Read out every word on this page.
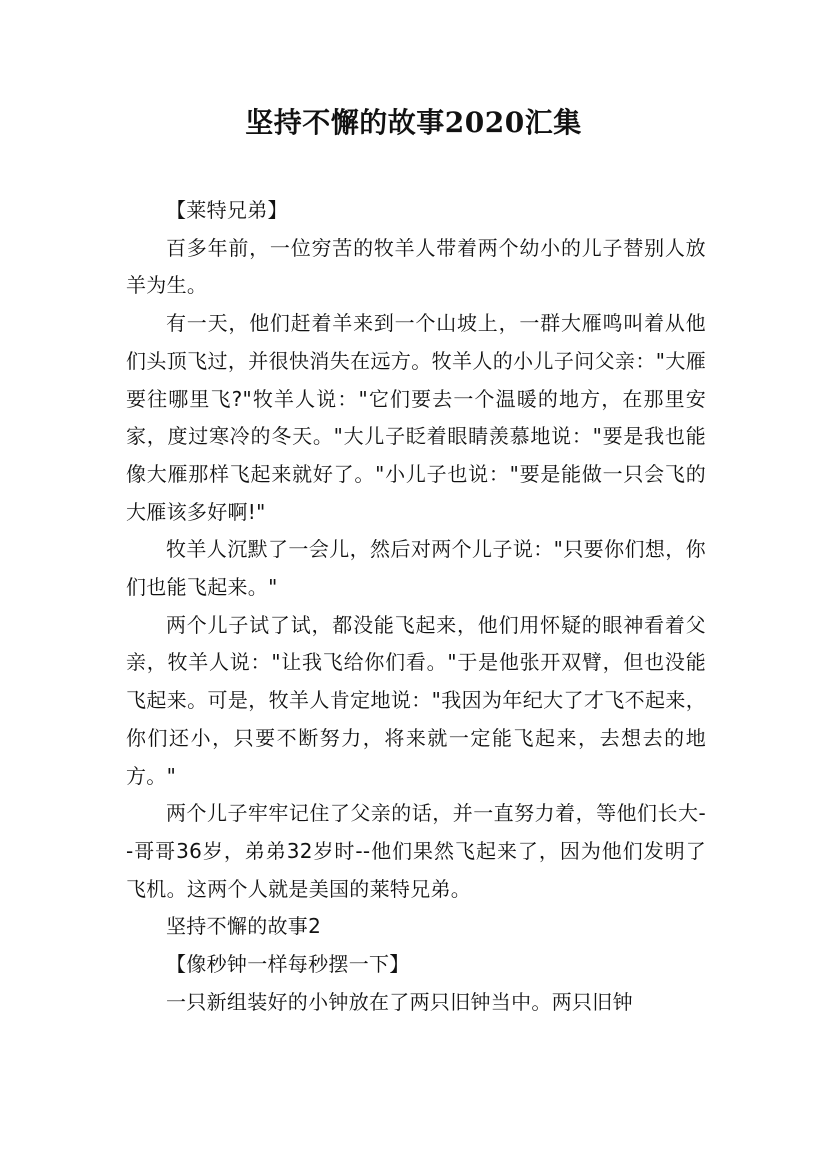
坚持不懈的故事2020汇集

【莱特兄弟】

百多年前，一位穷苦的牧羊人带着两个幼小的儿子替别人放羊为生。

有一天，他们赶着羊来到一个山坡上，一群大雁鸣叫着从他们头顶飞过，并很快消失在远方。牧羊人的小儿子问父亲："大雁要往哪里飞?"牧羊人说："它们要去一个温暖的地方，在那里安家，度过寒冷的冬天。"大儿子眨着眼睛羡慕地说："要是我也能像大雁那样飞起来就好了。"小儿子也说："要是能做一只会飞的大雁该多好啊!"

牧羊人沉默了一会儿，然后对两个儿子说："只要你们想，你们也能飞起来。"

两个儿子试了试，都没能飞起来，他们用怀疑的眼神看着父亲，牧羊人说："让我飞给你们看。"于是他张开双臂，但也没能飞起来。可是，牧羊人肯定地说："我因为年纪大了才飞不起来，你们还小，只要不断努力，将来就一定能飞起来，去想去的地方。"

两个儿子牢牢记住了父亲的话，并一直努力着，等他们长大--哥哥36岁，弟弟32岁时--他们果然飞起来了，因为他们发明了飞机。这两个人就是美国的莱特兄弟。

坚持不懈的故事2

【像秒钟一样每秒摆一下】

一只新组装好的小钟放在了两只旧钟当中。两只旧钟
